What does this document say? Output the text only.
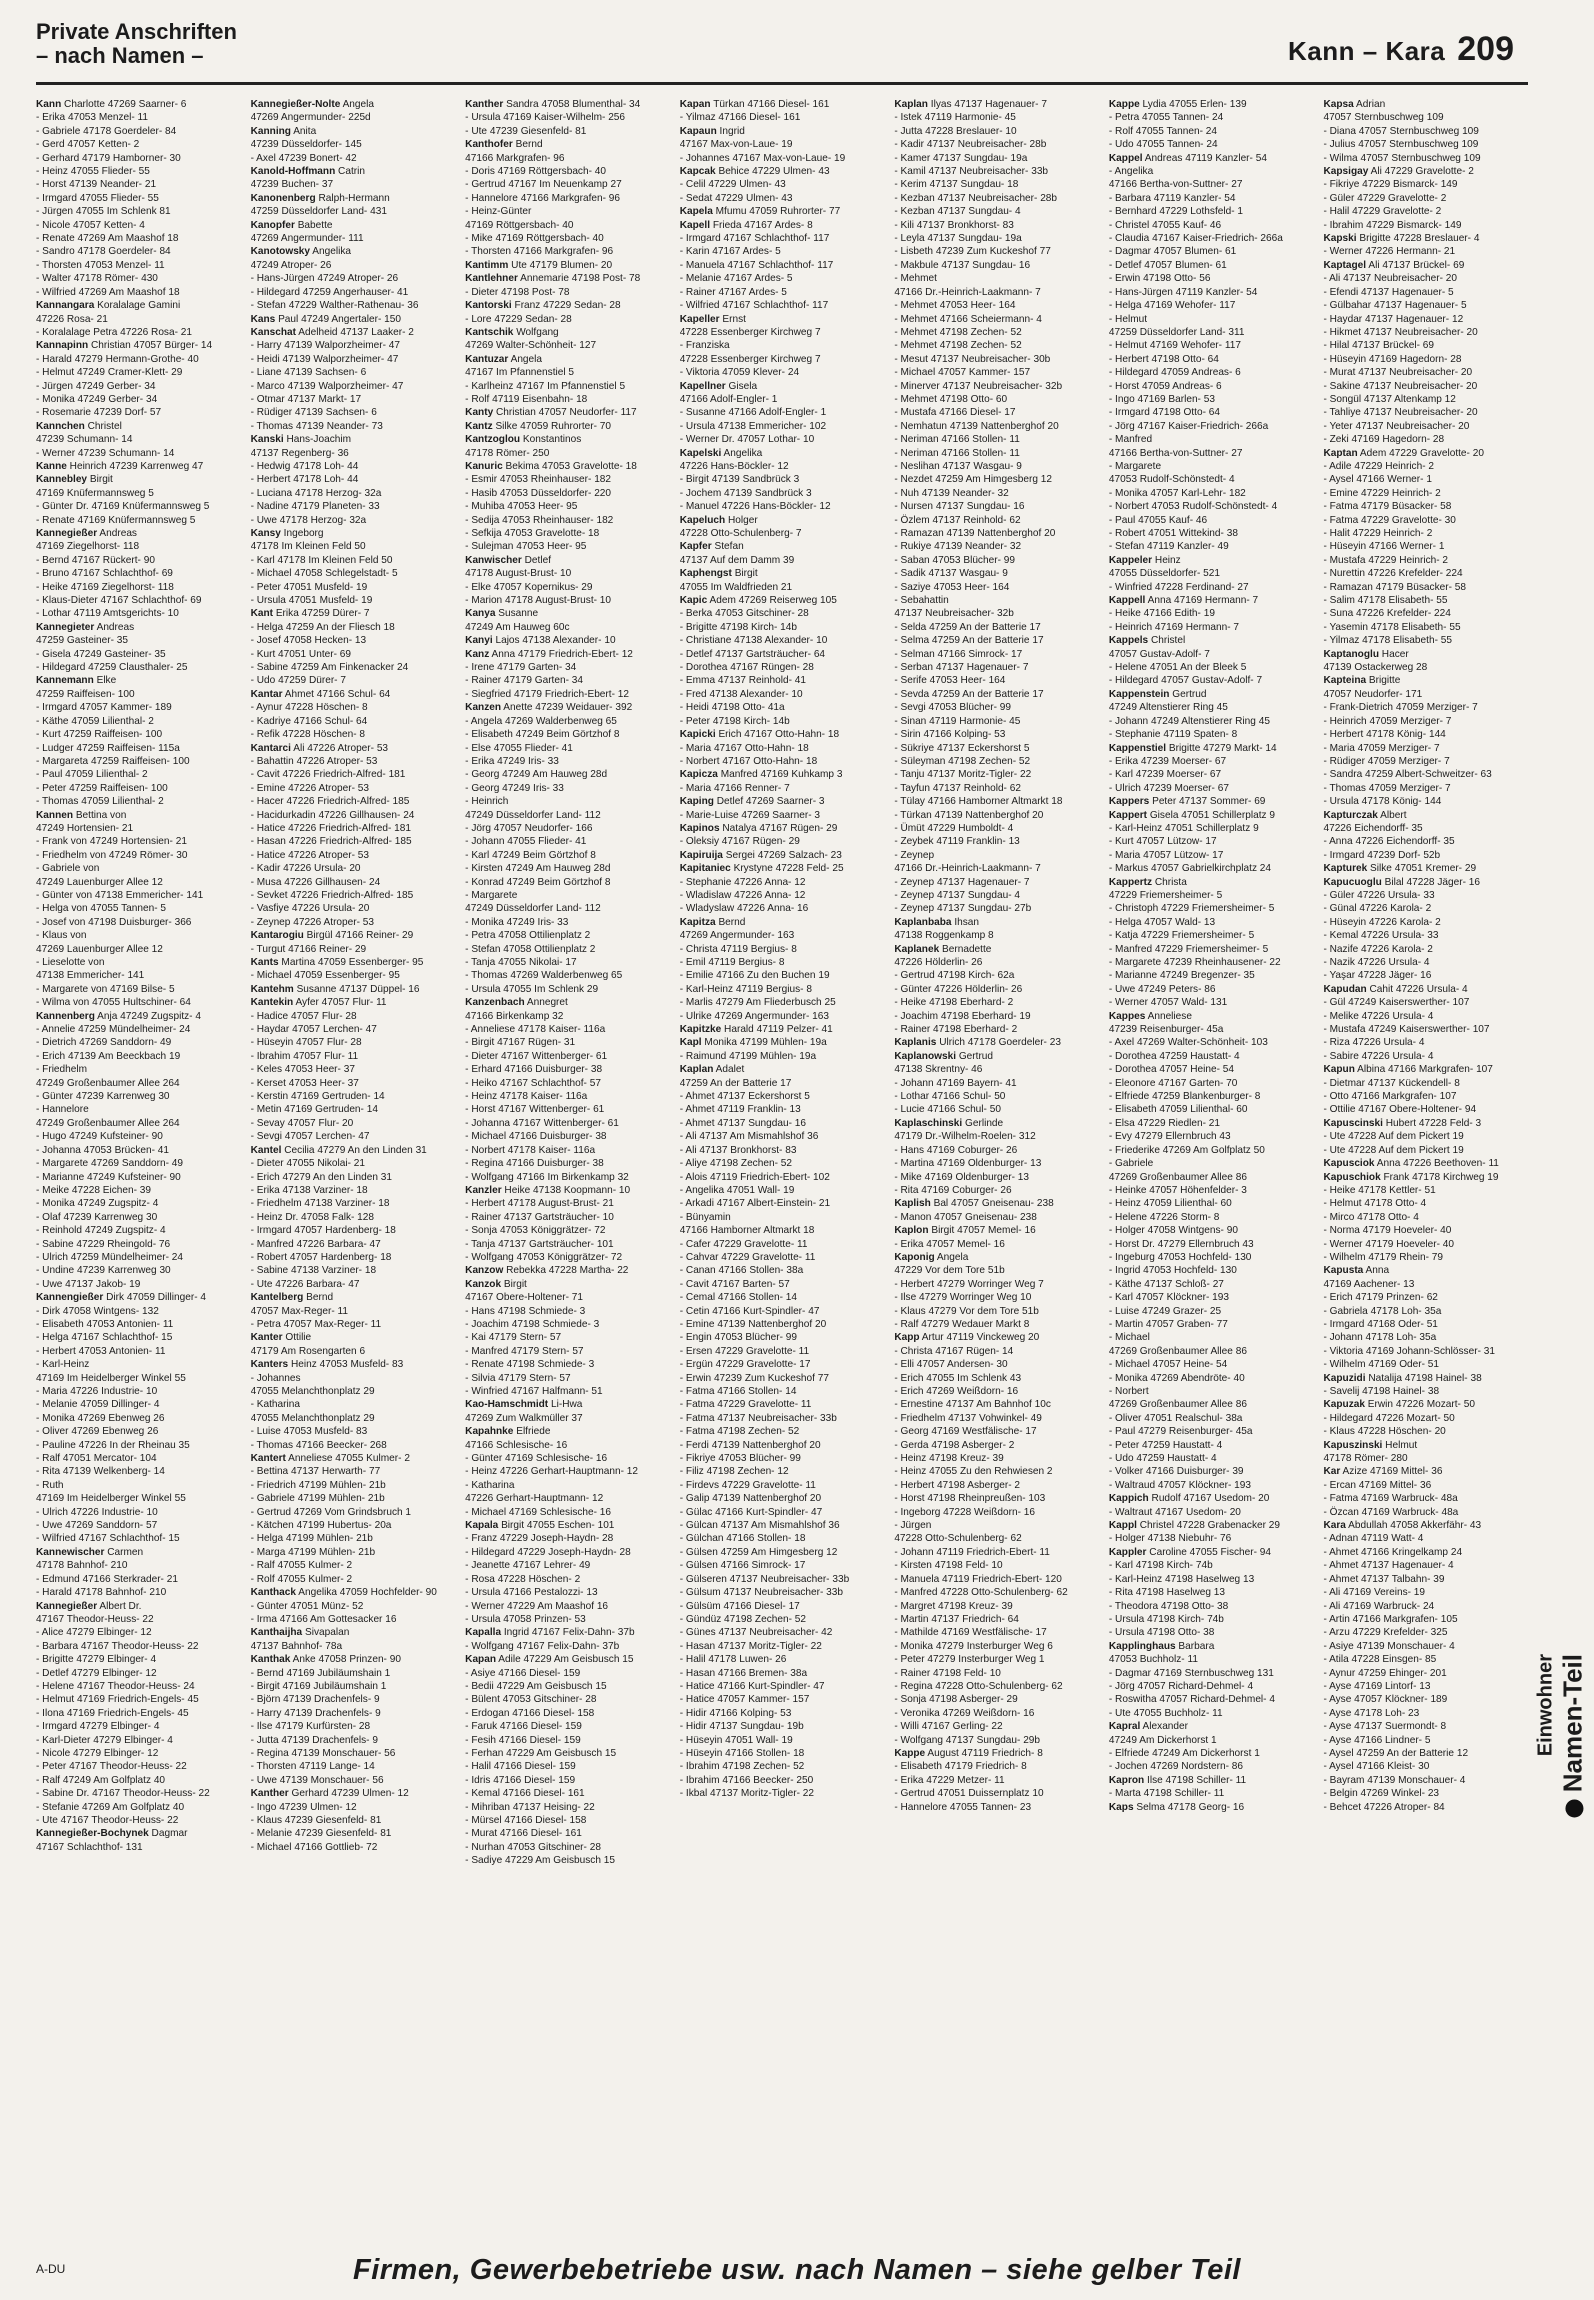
Private Anschriften
– nach Namen –	Kann – Kara 209
Kann Charlotte 47269 Saarner- 6
- Erika 47053 Menzel- 11
- Gabriele 47178 Goerdeler- 84
- Gerd 47057 Ketten- 2
- Gerhard 47179 Hamborner- 30
- Heinz 47055 Flieder- 55
- Horst 47139 Neander- 21
- Irmgard 47055 Flieder- 55
- Jürgen 47055 Im Schlenk 81
- Nicole 47057 Ketten- 4
- Renate 47269 Am Maashof 18
- Sandro 47178 Goerdeler- 84
- Thorsten 47053 Menzel- 11
- Walter 47178 Römer- 430
- Wilfried 47269 Am Maashof 18
Kannangara Koralalage Gamini
47226 Rosa- 21
- Koralalage Petra 47226 Rosa- 21
Kannapinn Christian 47057 Bürger- 14
- Harald 47279 Hermann-Grothe- 40
- Helmut 47249 Cramer-Klett- 29
- Jürgen 47249 Gerber- 34
- Monika 47249 Gerber- 34
- Rosemarie 47239 Dorf- 57
Kannchen Christel
47239 Schumann- 14
- Werner 47239 Schumann- 14
Kanne Heinrich 47239 Karrenweg 47
Kannebley Birgit
47169 Knüfermannsweg 5
- Günter Dr. 47169 Knüfermannsweg 5
- Renate 47169 Knüfermannsweg 5
Kannegießer Andreas
47169 Ziegelhorst- 118
- Bernd 47167 Rückert- 90
- Bruno 47167 Schlachthof- 69
- Heike 47169 Ziegelhorst- 118
- Klaus-Dieter 47167 Schlachthof- 69
- Lothar 47119 Amtsgerichts- 10
Kannegieter Andreas
47259 Gasteiner- 35
- Gisela 47249 Gasteiner- 35
- Hildegard 47259 Clausthaler- 25
Kannemann Elke
47259 Raiffeisen- 100
- Irmgard 47057 Kammer- 189
- Käthe 47059 Lilienthal- 2
- Kurt 47259 Raiffeisen- 100
- Ludger 47259 Raiffeisen- 115a
- Margareta 47259 Raiffeisen- 100
- Paul 47059 Lilienthal- 2
- Peter 47259 Raiffeisen- 100
- Thomas 47059 Lilienthal- 2
Kannen Bettina von
47249 Hortensien- 21
- Frank von 47249 Hortensien- 21
- Friedhelm von 47249 Römer- 30
- Gabriele von
47249 Lauenburger Allee 12
- Günter von 47138 Emmericher- 141
- Helga von 47055 Tannen- 5
- Josef von 47198 Duisburger- 366
- Klaus von
47269 Lauenburger Allee 12
- Lieselotte von
47138 Emmericher- 141
- Margarete von 47169 Bilse- 5
- Wilma von 47055 Hultschiner- 64
Kannenberg Anja 47249 Zugspitz- 4
- Annelie 47259 Mündelheimer- 24
- Dietrich 47269 Sanddorn- 49
- Erich 47139 Am Beeckbach 19
- Friedhelm
47249 Großenbaumer Allee 264
- Günter 47239 Karrenweg 30
- Hannelore
47249 Großenbaumer Allee 264
- Hugo 47249 Kufsteiner- 90
- Johanna 47053 Brücken- 41
- Margarete 47269 Sanddorn- 49
- Marianne 47249 Kufsteiner- 90
- Meike 47228 Eichen- 39
- Monika 47249 Zugspitz- 4
- Olaf 47239 Karrenweg 30
- Reinhold 47249 Zugspitz- 4
- Sabine 47229 Rheingold- 76
- Ulrich 47259 Mündelheimer- 24
- Undine 47239 Karrenweg 30
- Uwe 47137 Jakob- 19
Kannengießer Dirk 47059 Dillinger- 4
- Dirk 47058 Wintgens- 132
- Elisabeth 47053 Antonien- 11
- Helga 47167 Schlachthof- 15
- Herbert 47053 Antonien- 11
- Karl-Heinz
47169 Im Heidelberger Winkel 55
- Maria 47226 Industrie- 10
- Melanie 47059 Dillinger- 4
- Monika 47269 Ebenweg 26
- Oliver 47269 Ebenweg 26
- Pauline 47226 In der Rheinau 35
- Ralf 47051 Mercator- 104
- Rita 47139 Welkenberg- 14
- Ruth
47169 Im Heidelberger Winkel 55
- Ulrich 47226 Industrie- 10
- Uwe 47269 Sanddorn- 57
- Wilfried 47167 Schlachthof- 15
Kannewischer Carmen
47178 Bahnhof- 210
- Edmund 47166 Sterkrader- 21
- Harald 47178 Bahnhof- 210
Kannegießer Albert Dr.
47167 Theodor-Heuss- 22
- Alice 47279 Elbinger- 12
- Barbara 47167 Theodor-Heuss- 22
- Brigitte 47279 Elbinger- 4
- Detlef 47279 Elbinger- 12
- Helene 47167 Theodor-Heuss- 24
- Helmut 47169 Friedrich-Engels- 45
- Ilona 47169 Friedrich-Engels- 45
- Irmgard 47279 Elbinger- 4
- Karl-Dieter 47279 Elbinger- 4
- Nicole 47279 Elbinger- 12
- Peter 47167 Theodor-Heuss- 22
- Ralf 47249 Am Golfplatz 40
- Sabine Dr. 47167 Theodor-Heuss- 22
- Stefanie 47269 Am Golfplatz 40
- Ute 47167 Theodor-Heuss- 22
Kannegießer-Bochynek Dagmar
47167 Schlachthof- 131
Kannegießer-Nolte Angela
47269 Angermunder- 225d
Kanning Anita
47239 Düsseldorfer- 145
- Axel 47239 Bonert- 42
Kanold-Hoffmann Catrin
47239 Buchen- 37
Kanonenberg Ralph-Hermann
47259 Düsseldorfer Land- 431
Kanopfer Babette
47269 Angermunder- 111
Kanotowsky Angelika
47249 Atroper- 26
- Hans-Jürgen 47249 Atroper- 26
- Hildegard 47259 Angerhauser- 41
- Stefan 47229 Walther-Rathenau- 36
Kans Paul 47249 Angertaler- 150
Kanschat Adelheid 47137 Laaker- 2
- Harry 47139 Walporzheimer- 47
- Heidi 47139 Walporzheimer- 47
- Liane 47139 Sachsen- 6
- Marco 47139 Walporzheimer- 47
- Otmar 47137 Markt- 17
- Rüdiger 47139 Sachsen- 6
- Thomas 47139 Neander- 73
Kanski Hans-Joachim
47137 Regenberg- 36
- Hedwig 47178 Loh- 44
- Herbert 47178 Loh- 44
- Luciana 47178 Herzog- 32a
- Nadine 47179 Planeten- 33
- Uwe 47178 Herzog- 32a
Kansy Ingeborg
47178 Im Kleinen Feld 50
- Karl 47178 Im Kleinen Feld 50
- Michael 47058 Schlegelstadt- 5
- Peter 47051 Musfeld- 19
- Ursula 47051 Musfeld- 19
Kant Erika 47259 Dürer- 7
- Helga 47259 An der Fliesch 18
- Josef 47058 Hecken- 13
- Kurt 47051 Unter- 69
- Sabine 47259 Am Finkenacker 24
- Udo 47259 Dürer- 7
Kantar Ahmet 47166 Schul- 64
- Aynur 47228 Höschen- 8
- Kadriye 47166 Schul- 64
- Refik 47228 Höschen- 8
Kantarci Ali 47226 Atroper- 53
- Bahattin 47226 Atroper- 53
- Cavit 47226 Friedrich-Alfred- 181
- Emine 47226 Atroper- 53
- Hacer 47226 Friedrich-Alfred- 185
- Hacidurkadin 47226 Gillhausen- 24
- Hatice 47226 Friedrich-Alfred- 181
- Hasan 47226 Friedrich-Alfred- 185
- Hatice 47226 Atroper- 53
- Kadir 47226 Ursula- 20
- Musa 47226 Gillhausen- 24
- Sevket 47226 Friedrich-Alfred- 185
- Vasfiye 47226 Ursula- 20
- Zeynep 47226 Atroper- 53
Kantarogiu Birgül 47166 Reiner- 29
- Turgut 47166 Reiner- 29
Kants Martina 47059 Essenberger- 95
- Michael 47059 Essenberger- 95
Kantehm Susanne 47137 Düppel- 16
Kantekin Ayfer 47057 Flur- 11
- Hadice 47057 Flur- 28
- Haydar 47057 Lerchen- 47
- Hüseyin 47057 Flur- 28
- Ibrahim 47057 Flur- 11
- Keles 47053 Heer- 37
- Kerset 47053 Heer- 37
- Kerstin 47169 Gertruden- 14
- Metin 47169 Gertruden- 14
- Sevay 47057 Flur- 20
- Sevgi 47057 Lerchen- 47
Kantel Cecilia 47279 An den Linden 31
- Dieter 47055 Nikolai- 21
- Erich 47279 An den Linden 31
- Erika 47138 Varziner- 18
- Friedhelm 47138 Varziner- 18
- Heinz Dr. 47058 Falk- 128
- Irmgard 47057 Hardenberg- 18
- Manfred 47226 Barbara- 47
- Robert 47057 Hardenberg- 18
- Sabine 47138 Varziner- 18
- Ute 47226 Barbara- 47
Kantelberg Bernd
47057 Max-Reger- 11
- Petra 47057 Max-Reger- 11
Kanter Ottilie
47179 Am Rosengarten 6
Kanters Heinz 47053 Musfeld- 83
- Johannes
47055 Melanchthonplatz 29
- Katharina
47055 Melanchthonplatz 29
- Luise 47053 Musfeld- 83
- Thomas 47166 Beecker- 268
Kantert Anneliese 47055 Kulmer- 2
- Bettina 47137 Herwarth- 77
- Friedrich 47199 Mühlen- 21b
- Gabriele 47199 Mühlen- 21b
- Gertrud 47269 Vom Grindsbruch 1
- Kätchen 47199 Hubertus- 20a
- Helga 47199 Mühlen- 21b
- Marga 47199 Mühlen- 21b
- Ralf 47055 Kulmer- 2
- Rolf 47055 Kulmer- 2
Kanthack Angelika 47059 Hochfelder- 90
- Günter 47051 Münz- 52
- Irma 47166 Am Gottesacker 16
Kanthaijha Sivapalan
47137 Bahnhof- 78a
Kanthak Anke 47058 Prinzen- 90
- Bernd 47169 Jubiläumshain 1
- Birgit 47169 Jubiläumshain 1
- Björn 47139 Drachenfels- 9
- Harry 47139 Drachenfels- 9
- Ilse 47179 Kurfürsten- 28
- Jutta 47139 Drachenfels- 9
- Regina 47139 Monschauer- 56
- Thorsten 47119 Lange- 14
- Uwe 47139 Monschauer- 56
Kanther Gerhard 47239 Ulmen- 12
- Ingo 47239 Ulmen- 12
- Klaus 47239 Giesenfeld- 81
- Melanie 47239 Giesenfeld- 81
- Michael 47166 Gottlieb- 72
Kanther Sandra 47058 Blumenthal- 34
- Ursula 47169 Kaiser-Wilhelm- 256
- Ute 47239 Giesenfeld- 81
Kanthofer Bernd
47166 Markgrafen- 96
- Doris 47169 Röttgersbach- 40
- Gertrud 47167 Im Neuenkamp 27
- Hannelore 47166 Markgrafen- 96
- Heinz-Günter
47169 Röttgersbach- 40
- Mike 47169 Röttgersbach- 40
- Thorsten 47166 Markgrafen- 96
Kantimm Ute 47179 Blumen- 20
Kantlehner Annemarie 47198 Post- 78
- Dieter 47198 Post- 78
Kantorski Franz 47229 Sedan- 28
- Lore 47229 Sedan- 28
Kantschik Wolfgang
47269 Walter-Schönheit- 127
Kantuzar Angela
47167 Im Pfannenstiel 5
- Karlheinz 47167 Im Pfannenstiel 5
- Rolf 47119 Eisenbahn- 18
Kanty Christian 47057 Neudorfer- 117
Kantz Silke 47059 Ruhrorter- 70
Kantzoglou Konstantinos
47178 Römer- 250
Kanuric Bekima 47053 Gravelotte- 18
- Esmir 47053 Rheinhauser- 182
- Hasib 47053 Düsseldorfer- 220
- Muhiba 47053 Heer- 95
- Sedija 47053 Rheinhauser- 182
- Sefkija 47053 Gravelotte- 18
- Sulejman 47053 Heer- 95
Kanwischer Detlef
47178 August-Brust- 10
- Elke 47057 Kopernikus- 29
- Marion 47178 August-Brust- 10
Kanya Susanne
47249 Am Hauweg 60c
Kanyi Lajos 47138 Alexander- 10
Kanz Anna 47179 Friedrich-Ebert- 12
- Irene 47179 Garten- 34
- Rainer 47179 Garten- 34
- Siegfried 47179 Friedrich-Ebert- 12
Kanzen Anette 47239 Weidauer- 392
- Angela 47269 Walderbenweg 65
- Elisabeth 47249 Beim Görtzhof 8
- Else 47055 Flieder- 41
- Erika 47249 Iris- 33
- Georg 47249 Am Hauweg 28d
- Georg 47249 Iris- 33
- Heinrich
47249 Düsseldorfer Land- 112
- Jörg 47057 Neudorfer- 166
- Johann 47055 Flieder- 41
- Karl 47249 Beim Görtzhof 8
- Kirsten 47249 Am Hauweg 28d
- Konrad 47249 Beim Görtzhof 8
- Margarete
47249 Düsseldorfer Land- 112
- Monika 47249 Iris- 33
- Petra 47058 Ottilienplatz 2
- Stefan 47058 Ottilienplatz 2
- Tanja 47055 Nikolai- 17
- Thomas 47269 Walderbenweg 65
- Ursula 47055 Im Schlenk 29
Kanzenbach Annegret
47166 Birkenkamp 32
- Anneliese 47178 Kaiser- 116a
- Birgit 47167 Rügen- 31
- Dieter 47167 Wittenberger- 61
- Erhard 47166 Duisburger- 38
- Heiko 47167 Schlachthof- 57
- Heinz 47178 Kaiser- 116a
- Horst 47167 Wittenberger- 61
- Johanna 47167 Wittenberger- 61
- Michael 47166 Duisburger- 38
- Norbert 47178 Kaiser- 116a
- Regina 47166 Duisburger- 38
- Wolfgang 47166 Im Birkenkamp 32
Kanzler Heike 47138 Koopmann- 10
- Herbert 47178 August-Brust- 21
- Rainer 47137 Gartsträucher- 10
- Sonja 47053 Königgrätzer- 72
- Tanja 47137 Gartsträucher- 101
- Wolfgang 47053 Königgrätzer- 72
Kanzow Rebekka 47228 Martha- 22
Kanzok Birgit
47167 Obere-Holtener- 71
- Hans 47198 Schmiede- 3
- Joachim 47198 Schmiede- 3
- Kai 47179 Stern- 57
- Manfred 47179 Stern- 57
- Renate 47198 Schmiede- 3
- Silvia 47179 Stern- 57
- Winfried 47167 Halfmann- 51
Kao-Hamschmidt Li-Hwa
47269 Zum Walkmüller 37
Kapahnke Elfriede
47166 Schlesische- 16
- Günter 47169 Schlesische- 16
- Heinz 47226 Gerhart-Hauptmann- 12
- Katharina
47226 Gerhart-Hauptmann- 12
- Michael 47169 Schlesische- 16
Kapala Birgit 47055 Eschen- 101
- Franz 47229 Joseph-Haydn- 28
- Hildegard 47229 Joseph-Haydn- 28
- Jeanette 47167 Lehrer- 49
- Rosa 47228 Höschen- 2
- Ursula 47166 Pestalozzi- 13
- Werner 47229 Am Maashof 16
- Ursula 47058 Prinzen- 53
Kapalla Ingrid 47167 Felix-Dahn- 37b
- Wolfgang 47167 Felix-Dahn- 37b
Kapan Adile 47229 Am Geisbusch 15
- Asiye 47166 Diesel- 159
- Bedii 47229 Am Geisbusch 15
- Bülent 47053 Gitschiner- 28
- Erdogan 47166 Diesel- 158
- Faruk 47166 Diesel- 159
- Fesih 47166 Diesel- 159
- Ferhan 47229 Am Geisbusch 15
- Halil 47166 Diesel- 159
- Idris 47166 Diesel- 159
- Kemal 47166 Diesel- 161
- Mihriban 47137 Heising- 22
- Mürsel 47166 Diesel- 158
- Murat 47166 Diesel- 161
- Nurhan 47053 Gitschiner- 28
- Sadiye 47229 Am Geisbusch 15
Kapan Türkan 47166 Diesel- 161
- Yilmaz 47166 Diesel- 161
Kapaun Ingrid
47167 Max-von-Laue- 19
- Johannes 47167 Max-von-Laue- 19
Kapcak Behice 47229 Ulmen- 43
- Celil 47229 Ulmen- 43
- Sedat 47229 Ulmen- 43
Kapela Mfumu 47059 Ruhrorter- 77
Kapell Frieda 47167 Ardes- 8
- Irmgard 47167 Schlachthof- 117
- Karin 47167 Ardes- 5
- Manuela 47167 Schlachthof- 117
- Melanie 47167 Ardes- 5
- Rainer 47167 Ardes- 5
- Wilfried 47167 Schlachthof- 117
Kapeller Ernst
47228 Essenberger Kirchweg 7
- Franziska
47228 Essenberger Kirchweg 7
- Viktoria 47059 Klever- 24
Kapellner Gisela
47166 Adolf-Engler- 1
- Susanne 47166 Adolf-Engler- 1
- Ursula 47138 Emmericher- 102
- Werner Dr. 47057 Lothar- 10
Kapelski Angelika
47226 Hans-Böckler- 12
- Birgit 47139 Sandbrück 3
- Jochem 47139 Sandbrück 3
- Manuel 47226 Hans-Böckler- 12
Kapeluch Holger
47228 Otto-Schulenberg- 7
Kapfer Stefan
47137 Auf dem Damm 39
Kaphengst Birgit
47055 Im Waldfrieden 21
Kapic Adem 47269 Reiserweg 105
- Berka 47053 Gitschiner- 28
- Brigitte 47198 Kirch- 14b
- Christiane 47138 Alexander- 10
- Detlef 47137 Gartsträucher- 64
- Dorothea 47167 Rüngen- 28
- Emma 47137 Reinhold- 41
- Fred 47138 Alexander- 10
- Heidi 47198 Otto- 41a
- Peter 47198 Kirch- 14b
Kapicki Erich 47167 Otto-Hahn- 18
- Maria 47167 Otto-Hahn- 18
- Norbert 47167 Otto-Hahn- 18
Kapicza Manfred 47169 Kuhkamp 3
- Maria 47166 Renner- 7
Kaping Detlef 47269 Saarner- 3
- Marie-Luise 47269 Saarner- 3
Kapinos Natalya 47167 Rügen- 29
- Oleksiy 47167 Rügen- 29
Kapiruija Sergei 47269 Salzach- 23
Kapitaniec Krystyne 47228 Feld- 25
- Stephanie 47226 Anna- 12
- Wladislaw 47226 Anna- 12
- Wladyslaw 47226 Anna- 16
Kapitza Bernd
47269 Angermunder- 163
- Christa 47119 Bergius- 8
- Emil 47119 Bergius- 8
- Emilie 47166 Zu den Buchen 19
- Karl-Heinz 47119 Bergius- 8
- Marlis 47279 Am Fliederbusch 25
- Ulrike 47269 Angermunder- 163
Kapitzke Harald 47119 Pelzer- 41
Kapl Monika 47199 Mühlen- 19a
- Raimund 47199 Mühlen- 19a
Kaplan Adalet
47259 An der Batterie 17
- Ahmet 47137 Eckershorst 5
- Ahmet 47119 Franklin- 13
- Ahmet 47137 Sungdau- 16
- Ali 47137 Am Mismahlshof 36
- Ali 47137 Bronkhorst- 83
- Aliye 47198 Zechen- 52
- Alois 47119 Friedrich-Ebert- 102
- Angelika 47051 Wall- 19
- Arkadi 47167 Albert-Einstein- 21
- Bünyamin
47166 Hamborner Altmarkt 18
- Cafer 47229 Gravelotte- 11
- Cahvar 47229 Gravelotte- 11
- Canan 47166 Stollen- 38a
- Cavit 47167 Barten- 57
- Cemal 47166 Stollen- 14
- Cetin 47166 Kurt-Spindler- 47
- Emine 47139 Nattenberghof 20
- Engin 47053 Blücher- 99
- Ersen 47229 Gravelotte- 11
- Ergün 47229 Gravelotte- 17
- Erwin 47239 Zum Kuckeshof 77
- Fatma 47166 Stollen- 14
- Fatma 47229 Gravelotte- 11
- Fatma 47137 Neubreisacher- 33b
- Fatma 47198 Zechen- 52
- Ferdi 47139 Nattenberghof 20
- Fikriye 47053 Blücher- 99
- Filiz 47198 Zechen- 12
- Firdevs 47229 Gravelotte- 11
- Galip 47139 Nattenberghof 20
- Gülac 47166 Kurt-Spindler- 47
- Gülcan 47137 Am Mismahlshof 36
- Gülchan 47166 Stollen- 18
- Gülsen 47259 Am Himgesberg 12
- Gülsen 47166 Simrock- 17
- Gülseren 47137 Neubreisacher- 33b
- Gülsum 47137 Neubreisacher- 33b
- Gülsüm 47166 Diesel- 17
- Gündüz 47198 Zechen- 52
- Günes 47137 Neubreisacher- 42
- Hasan 47137 Moritz-Tigler- 22
- Halil 47178 Luwen- 26
- Hasan 47166 Bremen- 38a
- Hatice 47166 Kurt-Spindler- 47
- Hatice 47057 Kammer- 157
- Hidir 47166 Kolping- 53
- Hidir 47137 Sungdau- 19b
- Hüseyin 47051 Wall- 19
- Hüseyin 47166 Stollen- 18
- Ibrahim 47198 Zechen- 52
- Ibrahim 47166 Beecker- 250
- Ikbal 47137 Moritz-Tigler- 22
Kaplan Ilyas 47137 Hagenauer- 7
- Istek 47119 Harmonie- 45
- Jutta 47228 Breslauer- 10
- Kadir 47137 Neubreisacher- 28b
- Kamer 47137 Sungdau- 19a
- Kamil 47137 Neubreisacher- 33b
- Kerim 47137 Sungdau- 18
- Kezban 47137 Neubreisacher- 28b
- Kezban 47137 Sungdau- 4
- Kili 47137 Bronkhorst- 83
- Leyla 47137 Sungdau- 19a
- Lisbeth 47239 Zum Kuckeshof 77
- Makbule 47137 Sungdau- 16
- Mehmet
47166 Dr.-Heinrich-Laakmann- 7
- Mehmet 47053 Heer- 164
- Mehmet 47166 Scheiermann- 4
- Mehmet 47198 Zechen- 52
- Mehmet 47198 Zechen- 52
- Mesut 47137 Neubreisacher- 30b
- Michael 47057 Kammer- 157
- Minerver 47137 Neubreisacher- 32b
- Mehmet 47198 Otto- 60
- Mustafa 47166 Diesel- 17
- Nemhatun 47139 Nattenberghof 20
- Neriman 47166 Stollen- 11
- Neriman 47166 Stollen- 11
- Neslihan 47137 Wasgau- 9
- Nezdet 47259 Am Himgesberg 12
- Nuh 47139 Neander- 32
- Nursen 47137 Sungdau- 16
- Özlem 47137 Reinhold- 62
- Ramazan 47139 Nattenberghof 20
- Rukiye 47139 Neander- 32
- Saban 47053 Blücher- 99
- Sadik 47137 Wasgau- 9
- Saziye 47053 Heer- 164
- Sebahattin
47137 Neubreisacher- 32b
- Selda 47259 An der Batterie 17
- Selma 47259 An der Batterie 17
- Selman 47166 Simrock- 17
- Serban 47137 Hagenauer- 7
- Serife 47053 Heer- 164
- Sevda 47259 An der Batterie 17
- Sevgi 47053 Blücher- 99
- Sinan 47119 Harmonie- 45
- Sirin 47166 Kolping- 53
- Sükriye 47137 Eckershorst 5
- Süleyman 47198 Zechen- 52
- Tanju 47137 Moritz-Tigler- 22
- Tayfun 47137 Reinhold- 62
- Tülay 47166 Hamborner Altmarkt 18
- Türkan 47139 Nattenberghof 20
- Ümüt 47229 Humboldt- 4
- Zeybek 47119 Franklin- 13
- Zeynep
47166 Dr.-Heinrich-Laakmann- 7
- Zeynep 47137 Hagenauer- 7
- Zeynep 47137 Sungdau- 4
- Zeynep 47137 Sungdau- 27b
Kaplanbaba Ihsan
47138 Roggenkamp 8
Kaplanek Bernadette
47226 Hölderlin- 26
- Gertrud 47198 Kirch- 62a
- Günter 47226 Hölderlin- 26
- Heike 47198 Eberhard- 2
- Joachim 47198 Eberhard- 19
- Rainer 47198 Eberhard- 2
Kaplanis Ulrich 47178 Goerdeler- 23
Kaplanowski Gertrud
47138 Skrentny- 46
- Johann 47169 Bayern- 41
- Lothar 47166 Schul- 50
- Lucie 47166 Schul- 50
Kaplaschinski Gerlinde
47179 Dr.-Wilhelm-Roelen- 312
- Hans 47169 Coburger- 26
- Martina 47169 Oldenburger- 13
- Mike 47169 Oldenburger- 13
- Rita 47169 Coburger- 26
Kaplish Bal 47057 Gneisenau- 238
- Manon 47057 Gneisenau- 238
Kaplon Birgit 47057 Memel- 16
- Erika 47057 Memel- 16
Kaponig Angela
47229 Vor dem Tore 51b
- Herbert 47279 Worringer Weg 7
- Ilse 47279 Worringer Weg 10
- Klaus 47279 Vor dem Tore 51b
- Ralf 47279 Wedauer Markt 8
Kapp Artur 47119 Vinckeweg 20
- Christa 47167 Rügen- 14
- Elli 47057 Andersen- 30
- Erich 47055 Im Schlenk 43
- Erich 47269 Weißdorn- 16
- Ernestine 47137 Am Bahnhof 10c
- Friedhelm 47137 Vohwinkel- 49
- Georg 47169 Westfälische- 17
- Gerda 47198 Asberger- 2
- Heinz 47198 Kreuz- 39
- Heinz 47055 Zu den Rehwiesen 2
- Herbert 47198 Asberger- 2
- Horst 47198 Rheinpreußen- 103
- Ingeborg 47228 Weißdorn- 16
- Jürgen
47228 Otto-Schulenberg- 62
- Johann 47119 Friedrich-Ebert- 11
- Kirsten 47198 Feld- 10
- Manuela 47119 Friedrich-Ebert- 120
- Manfred 47228 Otto-Schulenberg- 62
- Margret 47198 Kreuz- 39
- Martin 47137 Friedrich- 64
- Mathilde 47169 Westfälische- 17
- Monika 47279 Insterburger Weg 6
- Peter 47279 Insterburger Weg 1
- Rainer 47198 Feld- 10
- Regina 47228 Otto-Schulenberg- 62
- Sonja 47198 Asberger- 29
- Veronika 47269 Weißdorn- 16
- Willi 47167 Gerling- 22
- Wolfgang 47137 Sungdau- 29b
Kappe August 47119 Friedrich- 8
- Elisabeth 47179 Friedrich- 8
- Erika 47229 Metzer- 11
- Gertrud 47051 Duissernplatz 10
- Hannelore 47055 Tannen- 23
Kappe Lydia 47055 Erlen- 139
- Petra 47055 Tannen- 24
- Rolf 47055 Tannen- 24
- Udo 47055 Tannen- 24
Kappel Andreas 47119 Kanzler- 54
- Angelika
47166 Bertha-von-Suttner- 27
- Barbara 47119 Kanzler- 54
- Bernhard 47229 Lothsfeld- 1
- Christel 47055 Kauf- 46
- Claudia 47167 Kaiser-Friedrich- 266a
- Dagmar 47057 Blumen- 61
- Detlef 47057 Blumen- 61
- Erwin 47198 Otto- 56
- Hans-Jürgen 47119 Kanzler- 54
- Helga 47169 Wehofer- 117
- Helmut
47259 Düsseldorfer Land- 311
- Helmut 47169 Wehofer- 117
- Herbert 47198 Otto- 64
- Hildegard 47059 Andreas- 6
- Horst 47059 Andreas- 6
- Ingo 47169 Barlen- 53
- Irmgard 47198 Otto- 64
- Jörg 47167 Kaiser-Friedrich- 266a
- Manfred
47166 Bertha-von-Suttner- 27
- Margarete
47053 Rudolf-Schönstedt- 4
- Monika 47057 Karl-Lehr- 182
- Norbert 47053 Rudolf-Schönstedt- 4
- Paul 47055 Kauf- 46
- Robert 47051 Wittekind- 38
- Stefan 47119 Kanzler- 49
Kappeler Heinz
47055 Düsseldorfer- 521
- Winfried 47228 Ferdinand- 27
Kappell Anna 47169 Hermann- 7
- Heike 47166 Edith- 19
- Heinrich 47169 Hermann- 7
Kappels Christel
47057 Gustav-Adolf- 7
- Helene 47051 An der Bleek 5
- Hildegard 47057 Gustav-Adolf- 7
Kappenstein Gertrud
47249 Altenstierer Ring 45
- Johann 47249 Altenstierer Ring 45
- Stephanie 47119 Spaten- 8
Kappenstiel Brigitte 47279 Markt- 14
- Erika 47239 Moerser- 67
- Karl 47239 Moerser- 67
- Ulrich 47239 Moerser- 67
Kappers Peter 47137 Sommer- 69
Kappert Gisela 47051 Schillerplatz 9
- Karl-Heinz 47051 Schillerplatz 9
- Kurt 47057 Lützow- 17
- Maria 47057 Lützow- 17
- Markus 47057 Gabrielkirchplatz 24
Kappertz Christa
47229 Friemersheimer- 5
- Christoph 47229 Friemersheimer- 5
- Helga 47057 Wald- 13
- Katja 47229 Friemersheimer- 5
- Manfred 47229 Friemersheimer- 5
- Margarete 47239 Rheinhausener- 22
- Marianne 47249 Bregenzer- 35
- Uwe 47249 Peters- 86
- Werner 47057 Wald- 131
Kappes Anneliese
47239 Reisenburger- 45a
- Axel 47269 Walter-Schönheit- 103
- Dorothea 47259 Haustatt- 4
- Dorothea 47057 Heine- 54
- Eleonore 47167 Garten- 70
- Elfriede 47259 Blankenburger- 8
- Elisabeth 47059 Lilienthal- 60
- Elsa 47229 Riedlen- 21
- Evy 47279 Ellernbruch 43
- Friederike 47269 Am Golfplatz 50
- Gabriele
47269 Großenbaumer Allee 86
- Heinke 47057 Höhenfelder- 3
- Heinz 47059 Lilienthal- 60
- Helene 47226 Storm- 8
- Holger 47058 Wintgens- 90
- Horst Dr. 47279 Ellernbruch 43
- Ingeburg 47053 Hochfeld- 130
- Ingrid 47053 Hochfeld- 130
- Käthe 47137 Schloß- 27
- Karl 47057 Klöckner- 193
- Luise 47249 Grazer- 25
- Martin 47057 Graben- 77
- Michael
47269 Großenbaumer Allee 86
- Michael 47057 Heine- 54
- Monika 47269 Abendröte- 40
- Norbert
47269 Großenbaumer Allee 86
- Oliver 47051 Realschul- 38a
- Paul 47279 Reisenburger- 45a
- Peter 47259 Haustatt- 4
- Udo 47259 Haustatt- 4
- Volker 47166 Duisburger- 39
- Waltraud 47057 Klöckner- 193
Kappich Rudolf 47167 Usedom- 20
- Waltraut 47167 Usedom- 20
Kappl Christel 47228 Grabenacker 29
- Holger 47138 Niebuhr- 76
Kappler Caroline 47055 Fischer- 94
- Karl 47198 Kirch- 74b
- Karl-Heinz 47198 Haselweg 13
- Rita 47198 Haselweg 13
- Theodora 47198 Otto- 38
- Ursula 47198 Kirch- 74b
- Ursula 47198 Otto- 38
Kapplinghaus Barbara
47053 Buchholz- 11
- Dagmar 47169 Sternbuschweg 131
- Jörg 47057 Richard-Dehmel- 4
- Roswitha 47057 Richard-Dehmel- 4
- Ute 47055 Buchholz- 11
Kapral Alexander
47249 Am Dickerhorst 1
- Elfriede 47249 Am Dickerhorst 1
- Jochen 47269 Nordstern- 86
Kapron Ilse 47198 Schiller- 11
- Marta 47198 Schiller- 11
Kaps Selma 47178 Georg- 16
Kapsa Adrian
47057 Sternbuschweg 109
- Diana 47057 Sternbuschweg 109
- Julius 47057 Sternbuschweg 109
- Wilma 47057 Sternbuschweg 109
Kapsigay Ali 47229 Gravelotte- 2
- Fikriye 47229 Bismarck- 149
- Güler 47229 Gravelotte- 2
- Halil 47229 Gravelotte- 2
- Ibrahim 47229 Bismarck- 149
Kapski Brigitte 47228 Breslauer- 4
- Werner 47226 Hermann- 21
Kaptagel Ali 47137 Brückel- 69
- Ali 47137 Neubreisacher- 20
- Efendi 47137 Hagenauer- 5
- Gülbahar 47137 Hagenauer- 5
- Haydar 47137 Hagenauer- 12
- Hikmet 47137 Neubreisacher- 20
- Hilal 47137 Brückel- 69
- Hüseyin 47169 Hagedorn- 28
- Murat 47137 Neubreisacher- 20
- Sakine 47137 Neubreisacher- 20
- Songül 47137 Altenkamp 12
- Tahliye 47137 Neubreisacher- 20
- Yeter 47137 Neubreisacher- 20
- Zeki 47169 Hagedorn- 28
Kaptan Adem 47229 Gravelotte- 20
- Adile 47229 Heinrich- 2
- Aysel 47166 Werner- 1
- Emine 47229 Heinrich- 2
- Fatma 47179 Büsacker- 58
- Fatma 47229 Gravelotte- 30
- Halit 47229 Heinrich- 2
- Hüseyin 47166 Werner- 1
- Mustafa 47229 Heinrich- 2
- Nurettin 47226 Krefelder- 224
- Ramazan 47179 Büsacker- 58
- Salim 47178 Elisabeth- 55
- Suna 47226 Krefelder- 224
- Yasemin 47178 Elisabeth- 55
- Yilmaz 47178 Elisabeth- 55
Kaptanoglu Hacer
47139 Ostackerweg 28
Kapteina Brigitte
47057 Neudorfer- 171
- Frank-Dietrich 47059 Merziger- 7
- Heinrich 47059 Merziger- 7
- Herbert 47178 König- 144
- Maria 47059 Merziger- 7
- Rüdiger 47059 Merziger- 7
- Sandra 47259 Albert-Schweitzer- 63
- Thomas 47059 Merziger- 7
- Ursula 47178 König- 144
Kapturczak Albert
47226 Eichendorff- 35
- Anna 47226 Eichendorff- 35
- Irmgard 47239 Dorf- 52b
Kapturek Silke 47051 Kremer- 29
Kapucuoglu Bilal 47228 Jäger- 16
- Güler 47226 Ursula- 33
- Günal 47226 Karola- 2
- Hüseyin 47226 Karola- 2
- Kemal 47226 Ursula- 33
- Nazife 47226 Karola- 2
- Nazik 47226 Ursula- 4
- Yaşar 47228 Jäger- 16
Kapudan Cahit 47226 Ursula- 4
- Gül 47249 Kaiserswerther- 107
- Melike 47226 Ursula- 4
- Mustafa 47249 Kaiserswerther- 107
- Riza 47226 Ursula- 4
- Sabire 47226 Ursula- 4
Kapun Albina 47166 Markgrafen- 107
- Dietmar 47137 Kückendell- 8
- Otto 47166 Markgrafen- 107
- Ottilie 47167 Obere-Holtener- 94
Kapuscinski Hubert 47228 Feld- 3
- Ute 47228 Auf dem Pickert 19
- Ute 47228 Auf dem Pickert 19
Kapusciok Anna 47226 Beethoven- 11
Kapuschiok Frank 47178 Kirchweg 19
- Heike 47178 Kettler- 51
- Helmut 47178 Otto- 4
- Mirco 47178 Otto- 4
- Norma 47179 Hoeveler- 40
- Werner 47179 Hoeveler- 40
- Wilhelm 47179 Rhein- 79
Kapusta Anna
47169 Aachener- 13
- Erich 47179 Prinzen- 62
- Gabriela 47178 Loh- 35a
- Irmgard 47168 Oder- 51
- Johann 47178 Loh- 35a
- Viktoria 47169 Johann-Schlösser- 31
- Wilhelm 47169 Oder- 51
Kapuzidi Natalija 47198 Hainel- 38
- Savelij 47198 Hainel- 38
Kapuzak Erwin 47226 Mozart- 50
- Hildegard 47226 Mozart- 50
- Klaus 47228 Höschen- 20
Kapuszinski Helmut
47178 Römer- 280
Kar Azize 47169 Mittel- 36
- Ercan 47169 Mittel- 36
- Fatma 47169 Warbruck- 48a
- Özcan 47169 Warbruck- 48a
Kara Abdullah 47058 Akkerfähr- 43
- Adnan 47119 Watt- 4
- Ahmet 47166 Kringelkamp 24
- Ahmet 47137 Hagenauer- 4
- Ahmet 47137 Talbahn- 39
- Ali 47169 Vereins- 19
- Ali 47169 Warbruck- 24
- Artin 47166 Markgrafen- 105
- Arzu 47229 Krefelder- 325
- Asiye 47139 Monschauer- 4
- Atila 47228 Einsgen- 85
- Aynur 47259 Ehinger- 201
- Ayse 47169 Lintorf- 13
- Ayse 47057 Klöckner- 189
- Ayse 47178 Loh- 23
- Ayse 47137 Suermondt- 8
- Ayse 47166 Lindner- 5
- Aysel 47259 An der Batterie 12
- Aysel 47166 Kleist- 30
- Bayram 47139 Monschauer- 4
- Belgin 47269 Winkel- 23
- Behcet 47226 Atroper- 84
Einwohner Namen-Teil
A-DU	Firmen, Gewerbebetriebe usw. nach Namen – siehe gelber Teil
